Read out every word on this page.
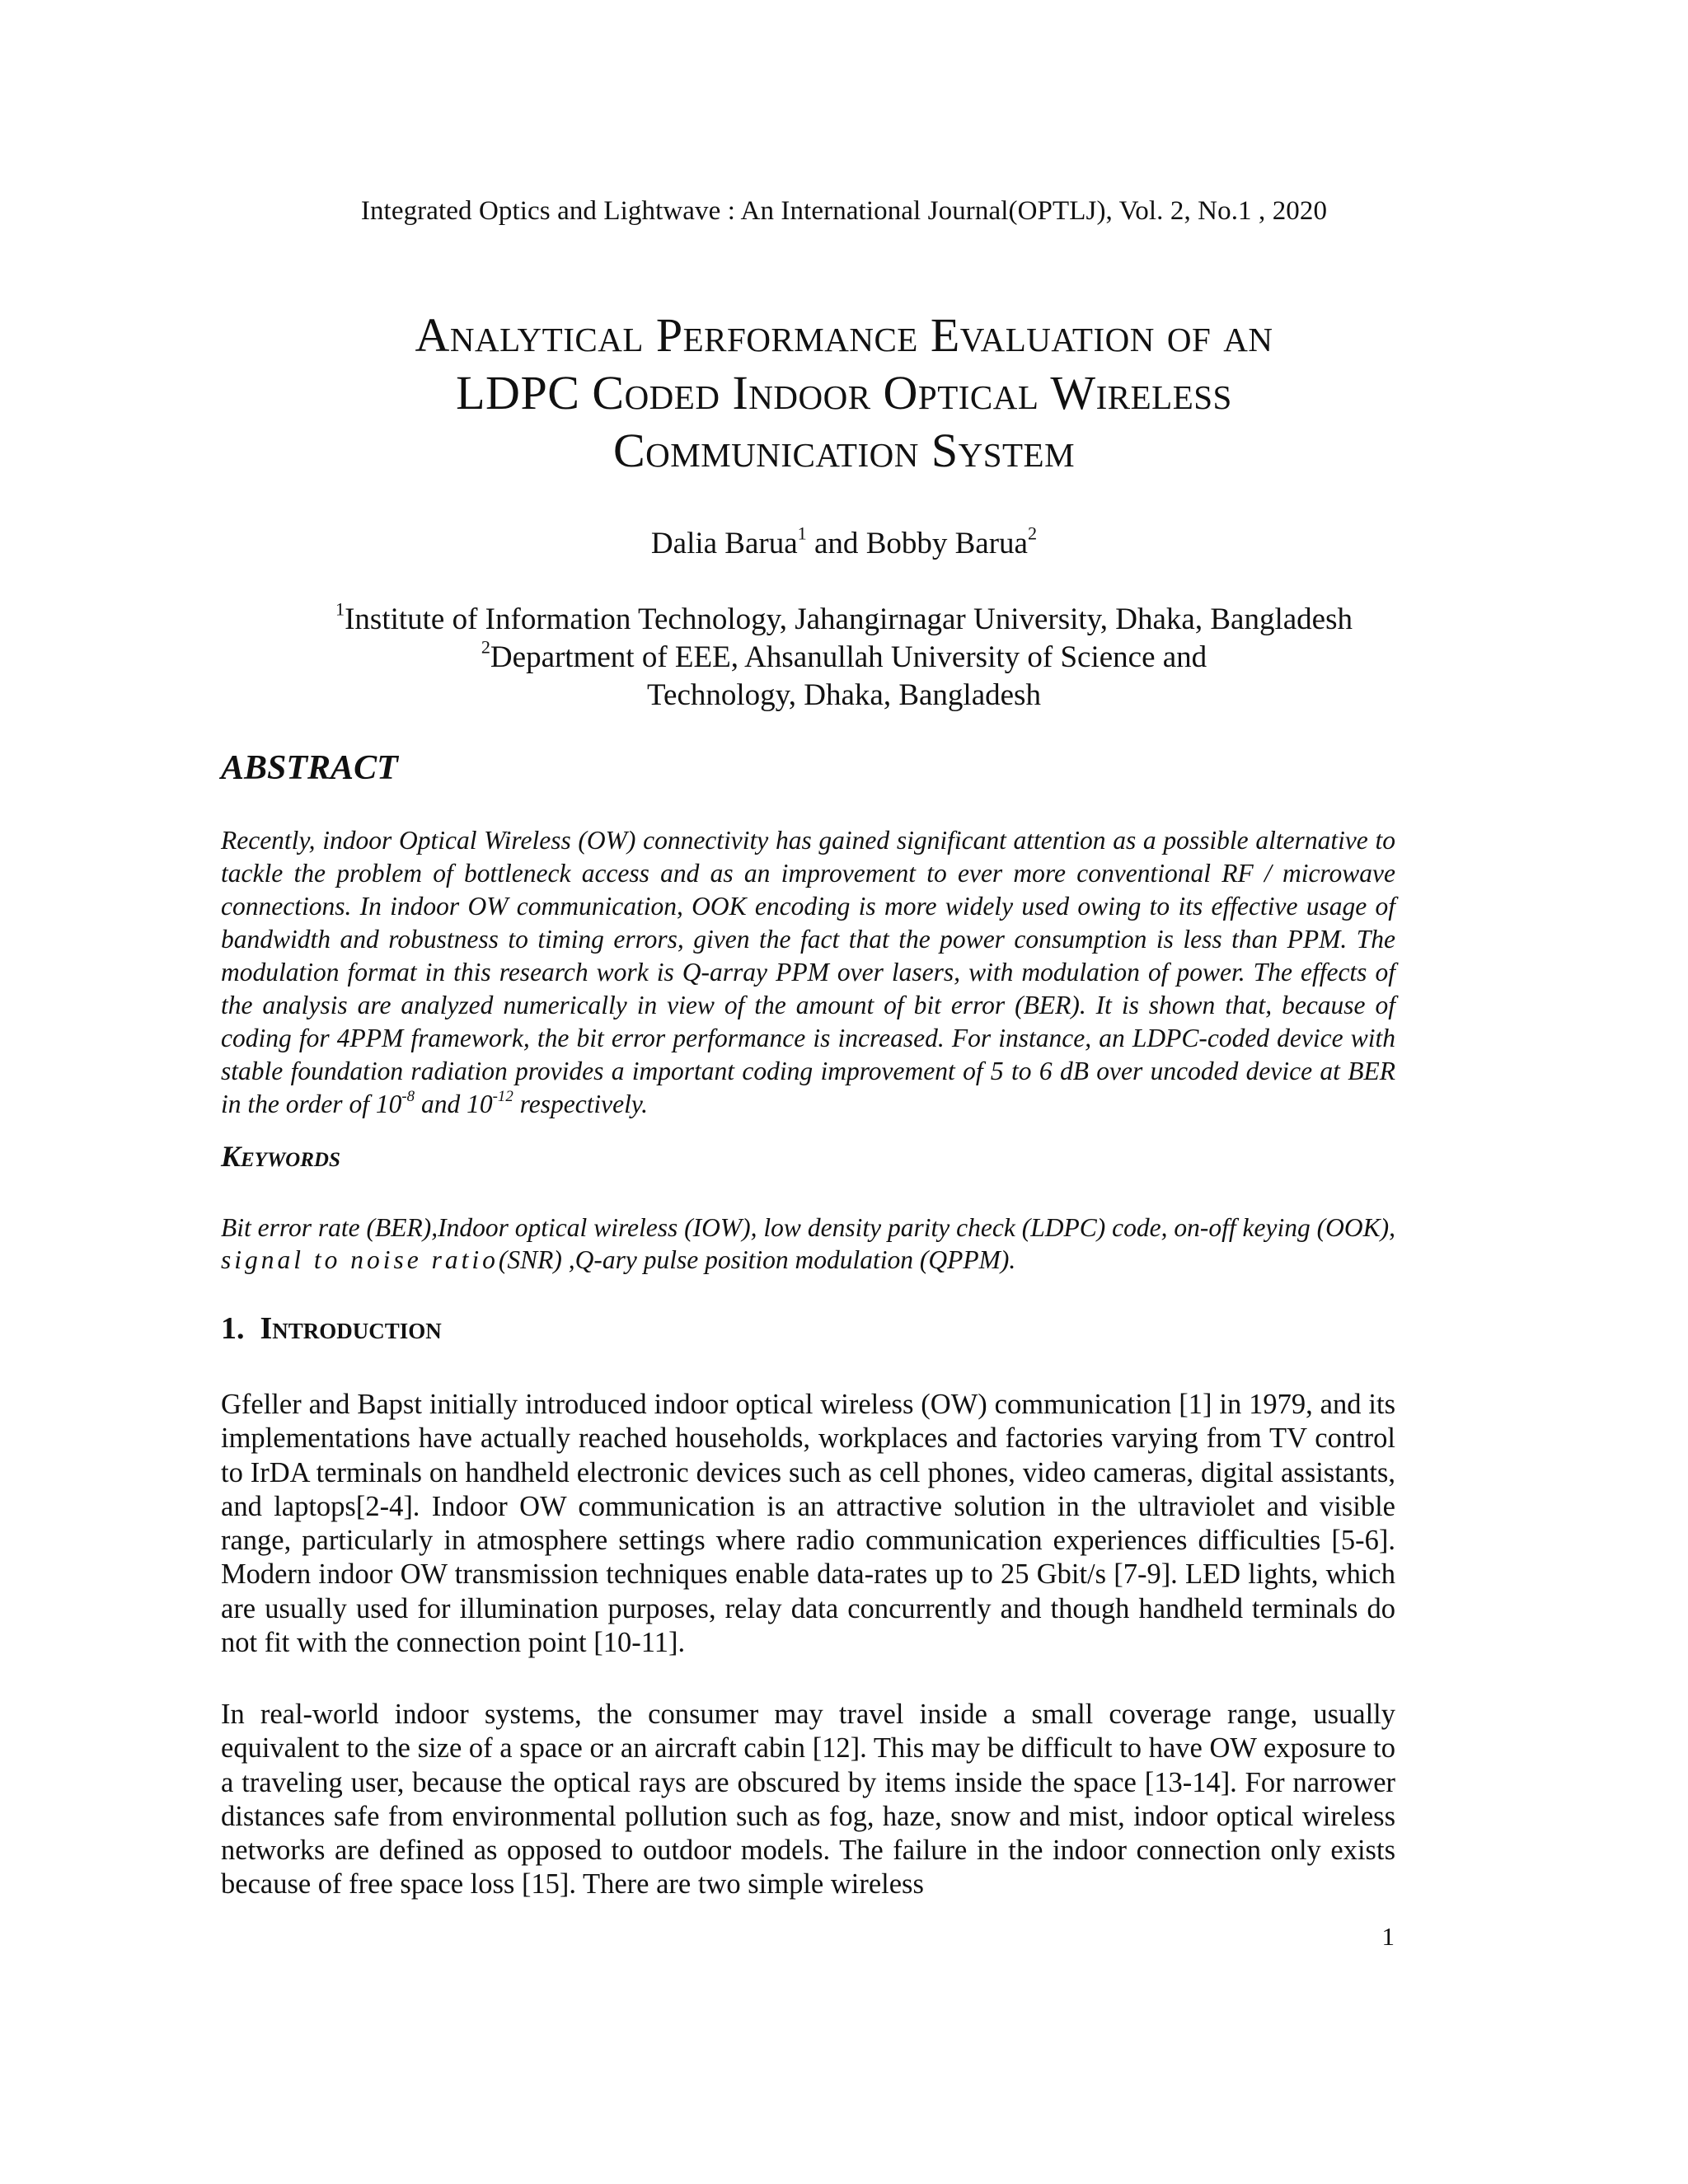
Integrated Optics and Lightwave : An International Journal(OPTLJ), Vol. 2, No.1 , 2020
Analytical Performance Evaluation of an
LDPC Coded Indoor Optical Wireless
Communication System
Dalia Barua$^1$ and Bobby Barua$^2$
$^1$Institute of Information Technology, Jahangirnagar University, Dhaka, Bangladesh
$^2$Department of EEE, Ahsanullah University of Science and
Technology, Dhaka, Bangladesh
ABSTRACT

Recently, indoor Optical Wireless (OW) connectivity has gained significant attention as a possible alternative to tackle the problem of bottleneck access and as an improvement to ever more conventional RF / microwave connections. In indoor OW communication, OOK encoding is more widely used owing to its effective usage of bandwidth and robustness to timing errors, given the fact that the power consumption is less than PPM. The modulation format in this research work is Q-array PPM over lasers, with modulation of power. The effects of the analysis are analyzed numerically in view of the amount of bit error (BER). It is shown that, because of coding for 4PPM framework, the bit error performance is increased. For instance, an LDPC-coded device with stable foundation radiation provides a important coding improvement of 5 to 6 dB over uncoded device at BER in the order of $10^{-8}$ and $10^{-12}$ respectively.

Keywords

Bit error rate (BER),Indoor optical wireless (IOW), low density parity check (LDPC) code, on-off keying (OOK), signal to noise ratio(SNR) ,Q-ary pulse position modulation (QPPM).

1.  Introduction

Gfeller and Bapst initially introduced indoor optical wireless (OW) communication [1] in 1979, and its implementations have actually reached households, workplaces and factories varying from TV control to IrDA terminals on handheld electronic devices such as cell phones, video cameras, digital assistants, and laptops[2-4]. Indoor OW communication is an attractive solution in the ultraviolet and visible range, particularly in atmosphere settings where radio communication experiences difficulties [5-6]. Modern indoor OW transmission techniques enable data-rates up to 25 Gbit/s [7-9]. LED lights, which are usually used for illumination purposes, relay data concurrently and though handheld terminals do not fit with the connection point [10-11].

In real-world indoor systems, the consumer may travel inside a small coverage range, usually equivalent to the size of a space or an aircraft cabin [12]. This may be difficult to have OW exposure to a traveling user, because the optical rays are obscured by items inside the space [13-14]. For narrower distances safe from environmental pollution such as fog, haze, snow and mist, indoor optical wireless networks are defined as opposed to outdoor models. The failure in the indoor connection only exists because of free space loss [15]. There are two simple wireless

1
